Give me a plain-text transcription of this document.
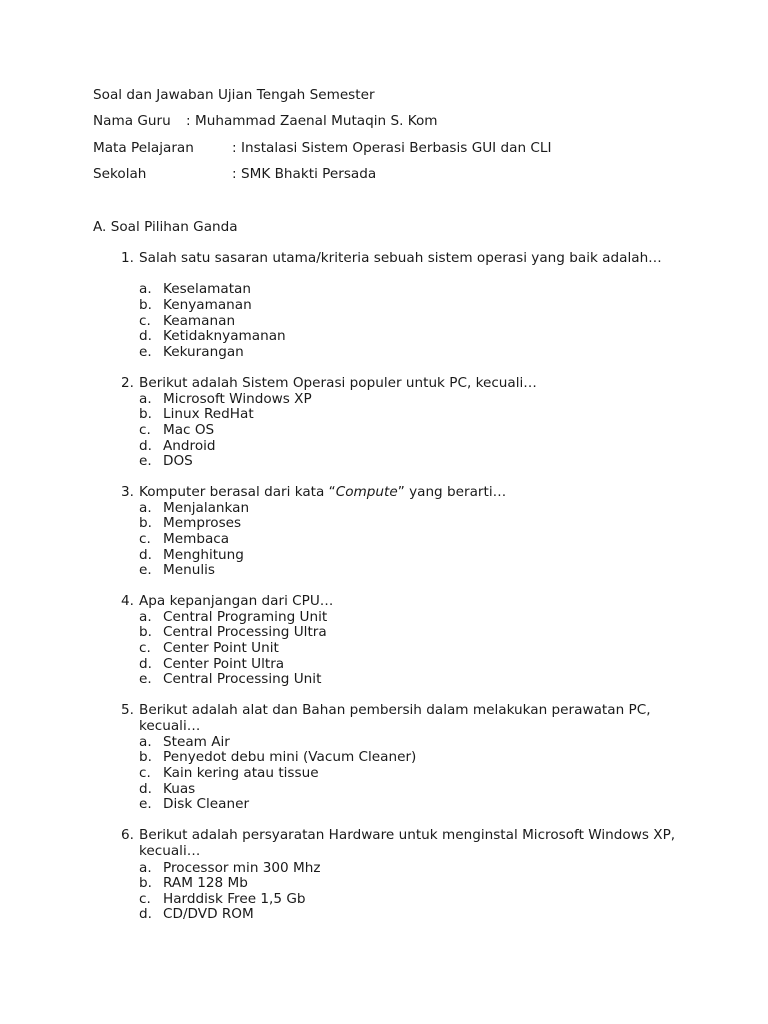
Soal dan Jawaban Ujian Tengah Semester
Nama Guru : Muhammad Zaenal Mutaqin S. Kom
Mata Pelajaran	: Instalasi Sistem Operasi Berbasis GUI dan CLI
Sekolah	: SMK Bhakti Persada
A. Soal Pilihan Ganda
1. Salah satu sasaran utama/kriteria sebuah sistem operasi yang baik adalah…
a. Keselamatan
b. Kenyamanan
c. Keamanan
d. Ketidaknyamanan
e. Kekurangan
2. Berikut adalah Sistem Operasi populer untuk PC, kecuali…
a. Microsoft Windows XP
b. Linux RedHat
c. Mac OS
d. Android
e. DOS
3. Komputer berasal dari kata “Compute” yang berarti…
a. Menjalankan
b. Memproses
c. Membaca
d. Menghitung
e. Menulis
4. Apa kepanjangan dari CPU…
a. Central Programing Unit
b. Central Processing Ultra
c. Center Point Unit
d. Center Point Ultra
e. Central Processing Unit
5. Berikut adalah alat dan Bahan pembersih dalam melakukan perawatan PC, kecuali…
a. Steam Air
b. Penyedot debu mini (Vacum Cleaner)
c. Kain kering atau tissue
d. Kuas
e. Disk Cleaner
6. Berikut adalah persyaratan Hardware untuk menginstal Microsoft Windows XP, kecuali…
a. Processor min 300 Mhz
b. RAM 128 Mb
c. Harddisk Free 1,5 Gb
d. CD/DVD ROM
